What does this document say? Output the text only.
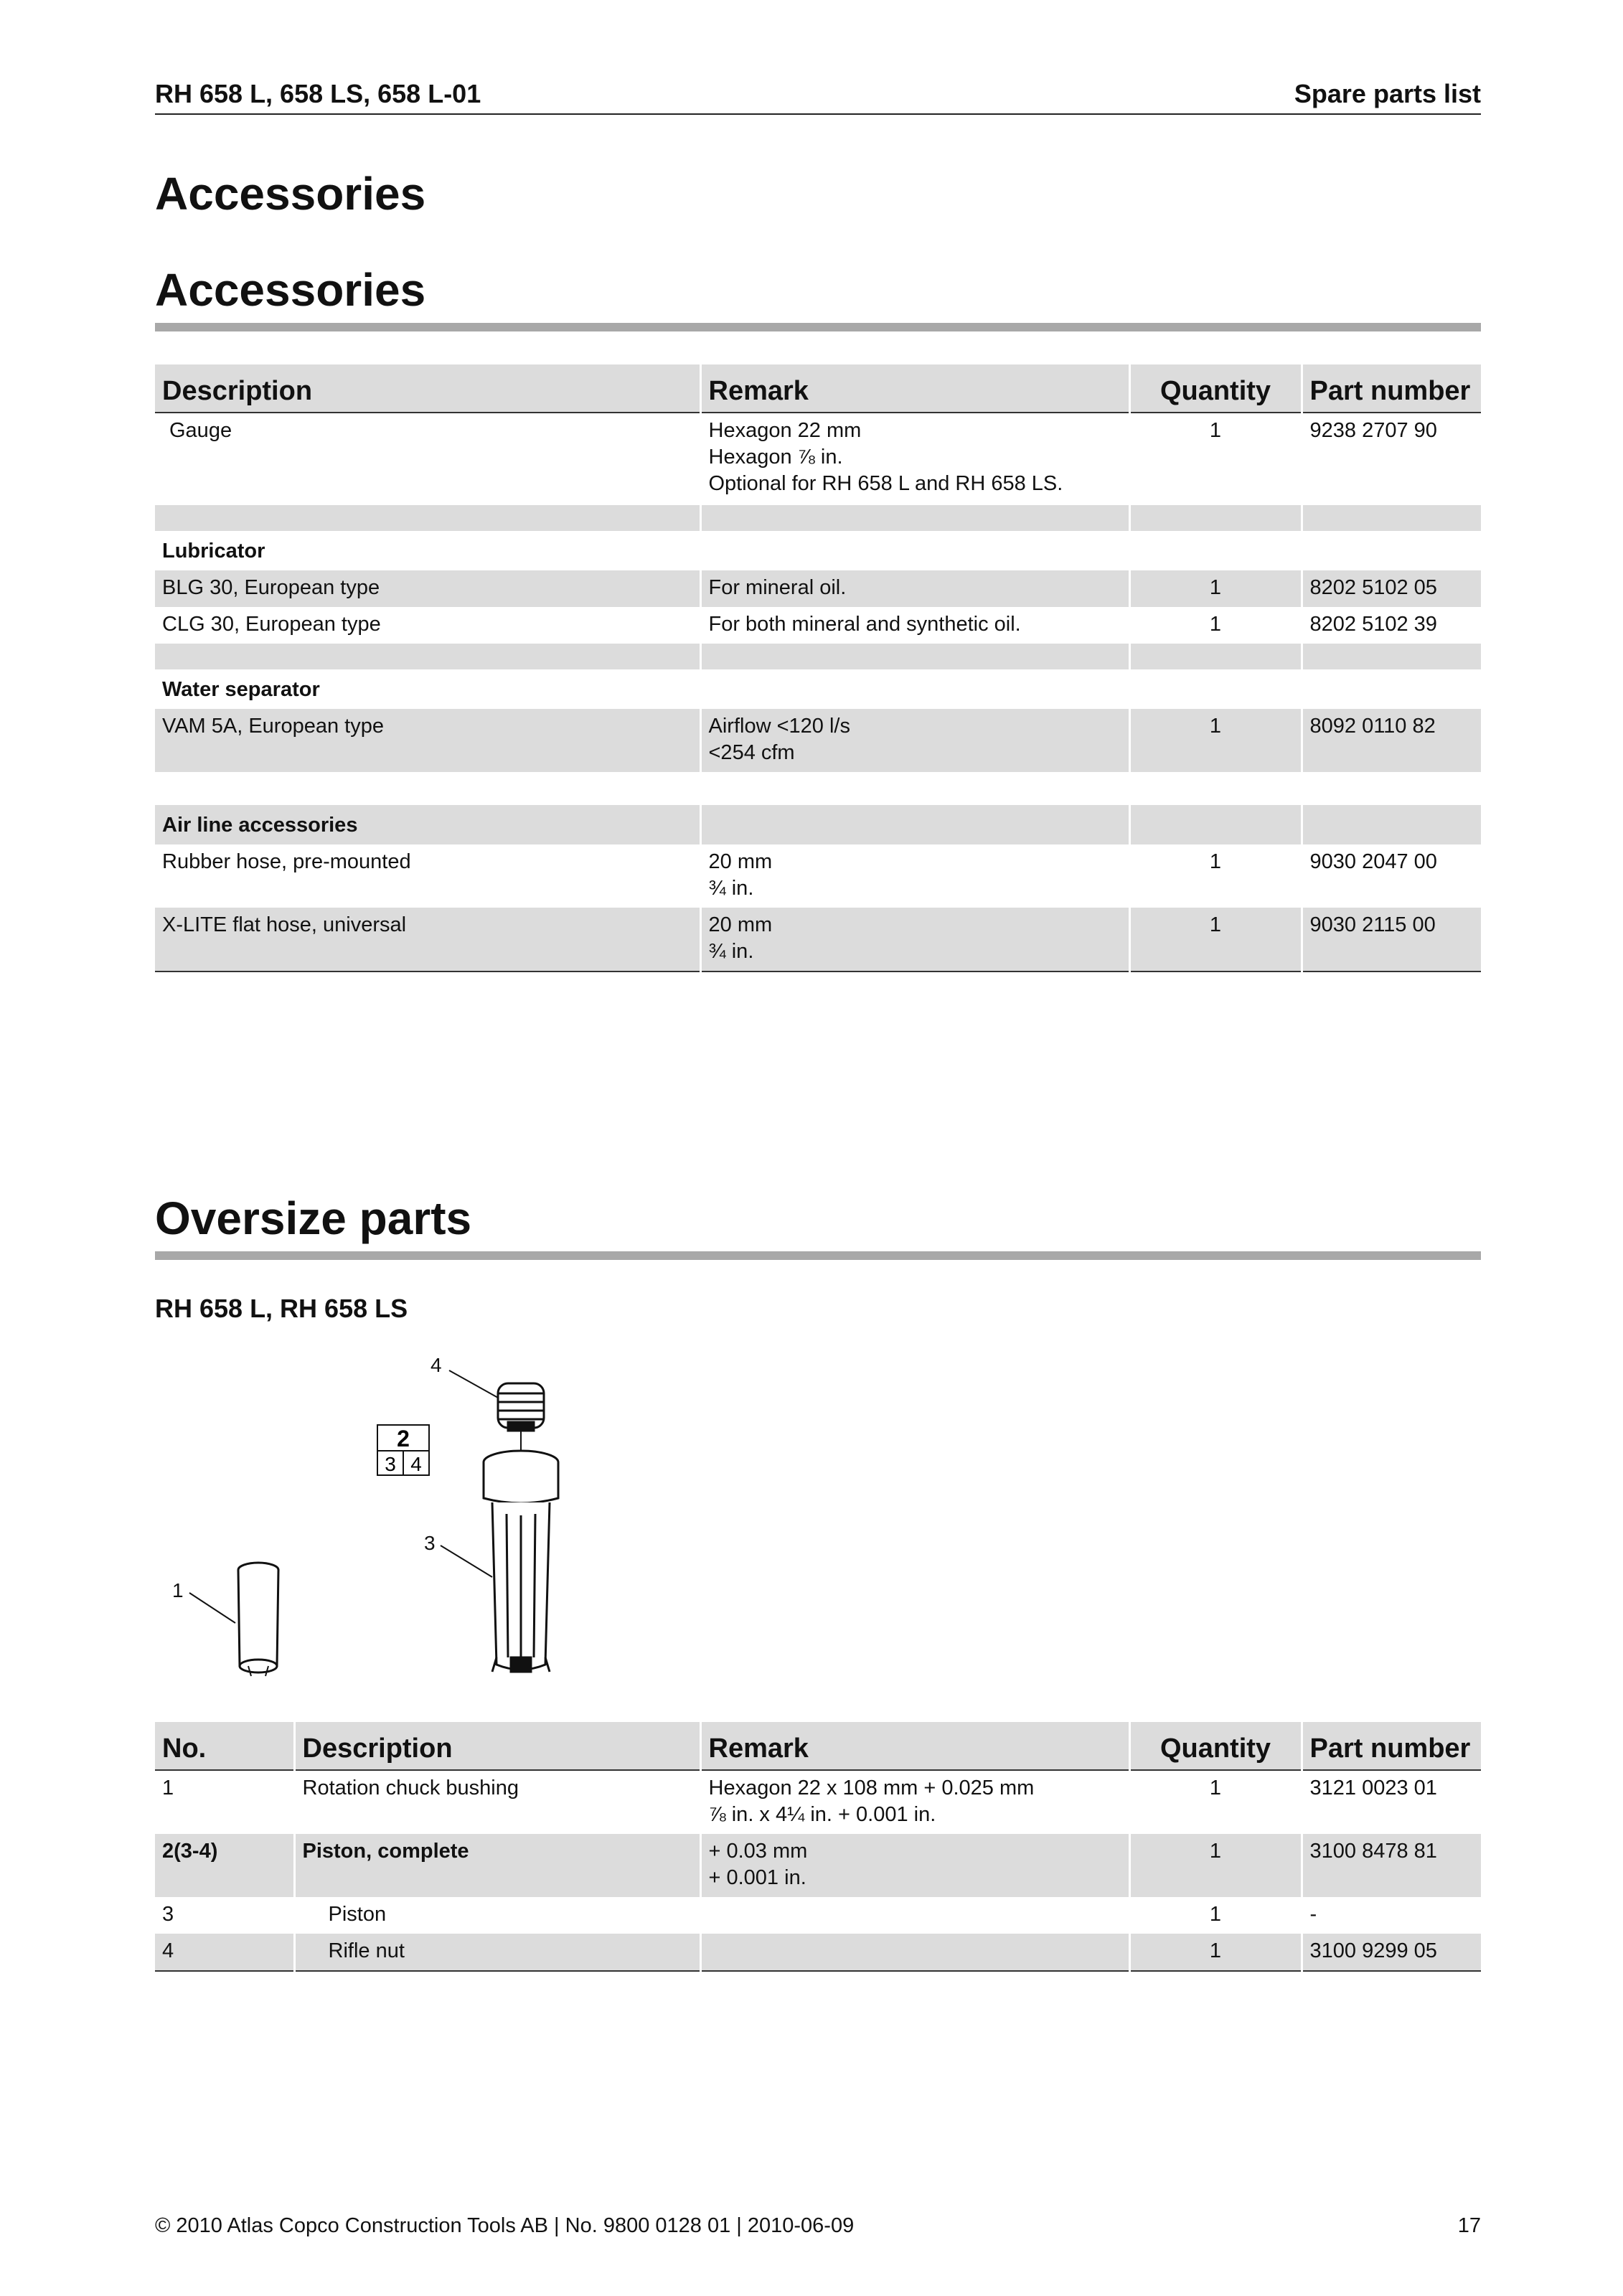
RH 658 L, 658 LS, 658 L-01	Spare parts list
Accessories
Accessories
Description	Remark	Quantity	Part number
Gauge	Hexagon 22 mm
Hexagon ⅞ in.
Optional for RH 658 L and RH 658 LS.	1	9238 2707 90

Lubricator			
BLG 30, European type	For mineral oil.	1	8202 5102 05
CLG 30, European type	For both mineral and synthetic oil.	1	8202 5102 39

Water separator			
VAM 5A, European type	Airflow <120 l/s
<254 cfm	1	8092 0110 82

Air line accessories			
Rubber hose, pre-mounted	20 mm
¾ in.	1	9030 2047 00
X-LITE flat hose, universal	20 mm
¾ in.	1	9030 2115 00
Oversize parts
RH 658 L, RH 658 LS
4
3
1
2
3 4
No.	Description	Remark	Quantity	Part number
1	Rotation chuck bushing	Hexagon 22 x 108 mm + 0.025 mm
⅞ in. x 4¼ in. + 0.001 in.	1	3121 0023 01
2(3-4)	Piston, complete	+ 0.03 mm
+ 0.001 in.	1	3100 8478 81
3	Piston		1	-
4	Rifle nut		1	3100 9299 05
© 2010 Atlas Copco Construction Tools AB | No. 9800 0128 01 | 2010-06-09	17
